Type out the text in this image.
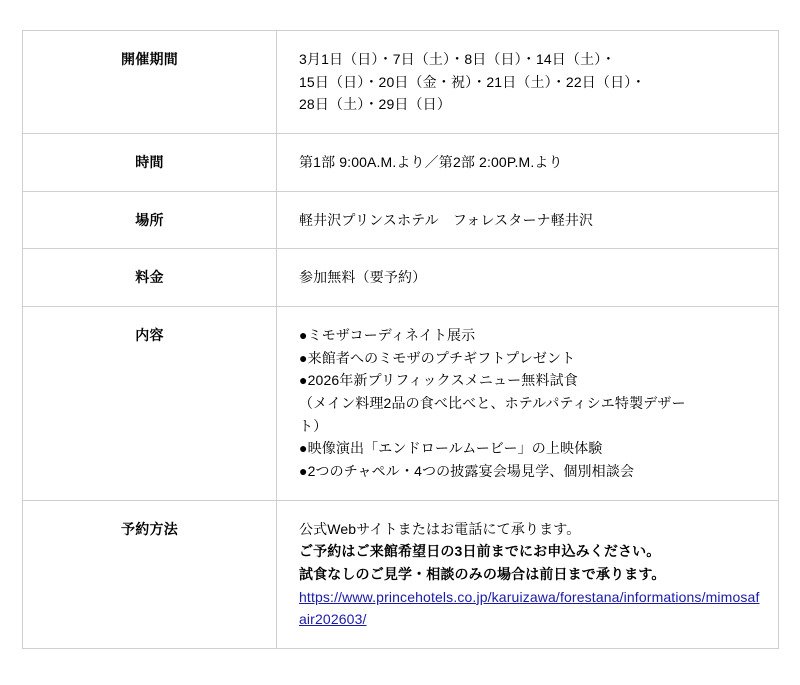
開催期間	3月1日（日）・7日（土）・8日（日）・14日（土）・
15日（日）・20日（金・祝）・21日（土）・22日（日）・
28日（土）・29日（日）

時間	第1部 9:00A.M.より／第2部 2:00P.M.より

場所	軽井沢プリンスホテル　フォレスターナ軽井沢

料金	参加無料（要予約）

内容	●ミモザコーディネイト展示
●来館者へのミモザのプチギフトプレゼント
●2026年新プリフィックスメニュー無料試食
（メイン料理2品の食べ比べと、ホテルパティシエ特製デザー
ト）
●映像演出「エンドロールムービー」の上映体験
●2つのチャペル・4つの披露宴会場見学、個別相談会

予約方法	公式Webサイトまたはお電話にて承ります。
ご予約はご来館希望日の3日前までにお申込みください。
試食なしのご見学・相談のみの場合は前日まで承ります。
https://www.princehotels.co.jp/karuizawa/forestana/informations/mimosafair202603/
